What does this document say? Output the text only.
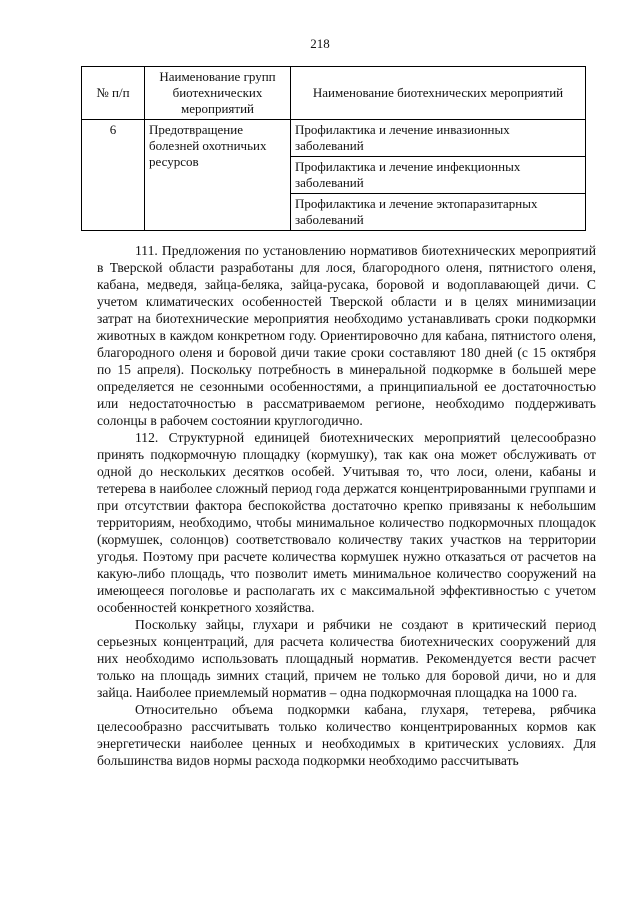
218
№ п/п	Наименование групп биотехнических мероприятий	Наименование биотехнических мероприятий
6	Предотвращение болезней охотничьих ресурсов	Профилактика и лечение инвазионных заболеваний
		Профилактика и лечение инфекционных заболеваний
		Профилактика и лечение эктопаразитарных заболеваний

111. Предложения по установлению нормативов биотехнических мероприятий в Тверской области разработаны для лося, благородного оленя, пятнистого оленя, кабана, медведя, зайца-беляка, зайца-русака, боровой и водоплавающей дичи. С учетом климатических особенностей Тверской области и в целях минимизации затрат на биотехнические мероприятия необходимо устанавливать сроки подкормки животных в каждом конкретном году. Ориентировочно для кабана, пятнистого оленя, благородного оленя и боровой дичи такие сроки составляют 180 дней (с 15 октября по 15 апреля). Поскольку потребность в минеральной подкормке в большей мере определяется не сезонными особенностями, а принципиальной ее достаточностью или недостаточностью в рассматриваемом регионе, необходимо поддерживать солонцы в рабочем состоянии круглогодично.

112. Структурной единицей биотехнических мероприятий целесообразно принять подкормочную площадку (кормушку), так как она может обслуживать от одной до нескольких десятков особей. Учитывая то, что лоси, олени, кабаны и тетерева в наиболее сложный период года держатся концентрированными группами и при отсутствии фактора беспокойства достаточно крепко привязаны к небольшим территориям, необходимо, чтобы минимальное количество подкормочных площадок (кормушек, солонцов) соответствовало количеству таких участков на территории угодья. Поэтому при расчете количества кормушек нужно отказаться от расчетов на какую-либо площадь, что позволит иметь минимальное количество сооружений на имеющееся поголовье и располагать их с максимальной эффективностью с учетом особенностей конкретного хозяйства.

Поскольку зайцы, глухари и рябчики не создают в критический период серьезных концентраций, для расчета количества биотехнических сооружений для них необходимо использовать площадный норматив. Рекомендуется вести расчет только на площадь зимних стаций, причем не только для боровой дичи, но и для зайца. Наиболее приемлемый норматив – одна подкормочная площадка на 1000 га.

Относительно объема подкормки кабана, глухаря, тетерева, рябчика целесообразно рассчитывать только количество концентрированных кормов как энергетически наиболее ценных и необходимых в критических условиях. Для большинства видов нормы расхода подкормки необходимо рассчитывать
